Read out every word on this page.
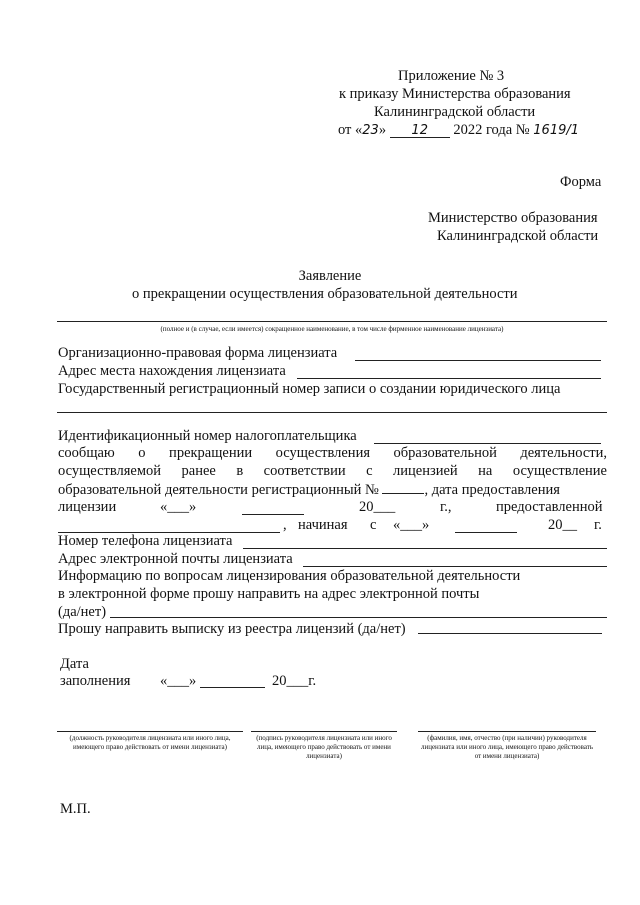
Приложение № 3
к приказу Министерства образования
Калининградской области
от «23» 12 2022 года № 1619/1
Форма
Министерство образования
Калининградской области
Заявление
о прекращении осуществления образовательной деятельности
(полное и (в случае, если имеется) сокращенное наименование, в том числе фирменное наименование лицензиата)
Организационно-правовая форма лицензиата
Адрес места нахождения лицензиата
Государственный регистрационный номер записи о создании юридического лица
Идентификационный номер налогоплательщика
сообщаю о прекращении осуществления образовательной деятельности,
осуществляемой ранее в соответствии с лицензией на осуществление
образовательной деятельности регистрационный №	, дата предоставления
лицензии	«___»	20___	г.,	предоставленной
, начиная с «___»	20__ г.
Номер телефона лицензиата
Адрес электронной почты лицензиата
Информацию по вопросам лицензирования образовательной деятельности
в электронной форме прошу направить на адрес электронной почты
(да/нет)
Прошу направить выписку из реестра лицензий (да/нет)
Дата
заполнения «___»	20___г.
(должность руководителя лицензиата или иного лица, имеющего право действовать от имени лицензиата)
(подпись руководителя лицензиата или иного лица, имеющего право действовать от имени лицензиата)
(фамилия, имя, отчество (при наличии) руководителя лицензиата или иного лица, имеющего право действовать от имени лицензиата)
М.П.
